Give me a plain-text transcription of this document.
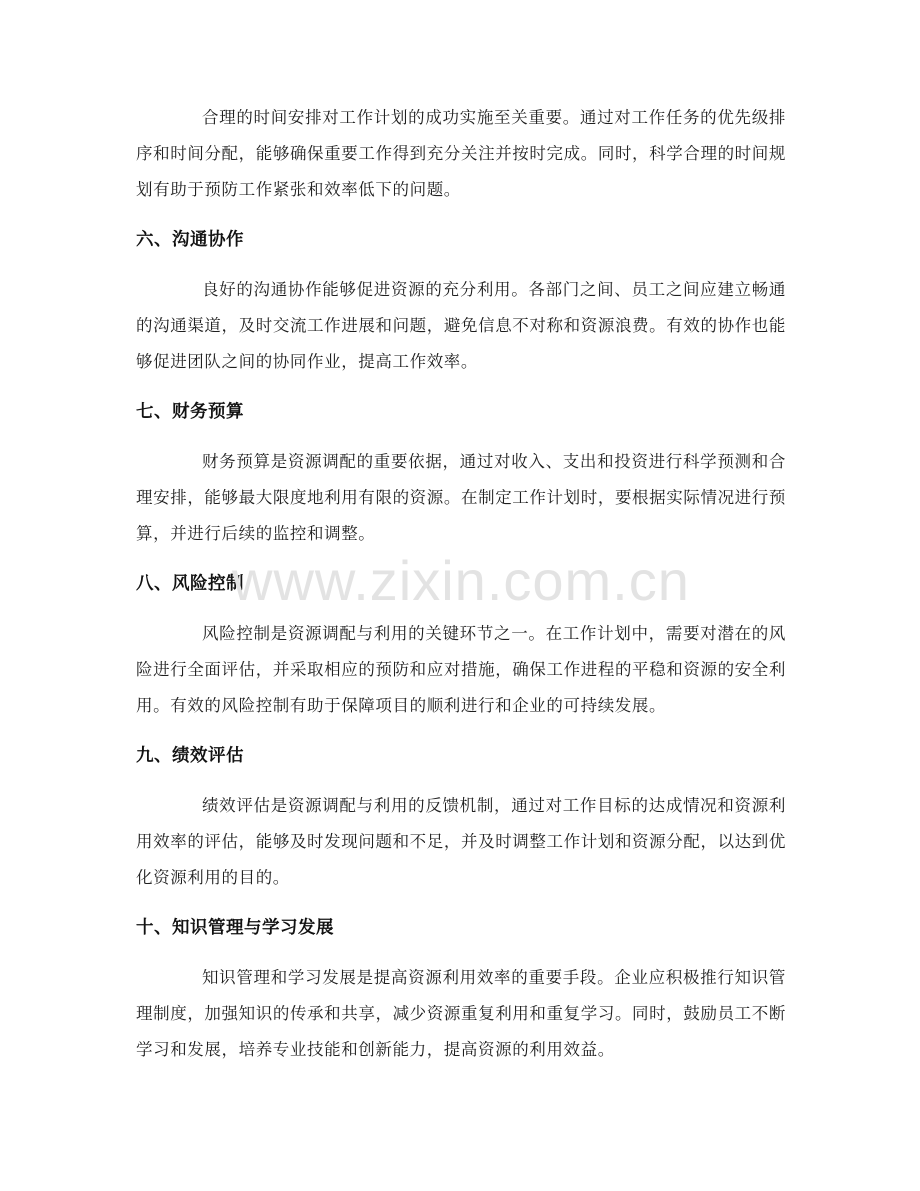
合理的时间安排对工作计划的成功实施至关重要。通过对工作任务的优先级排序和时间分配，能够确保重要工作得到充分关注并按时完成。同时，科学合理的时间规划有助于预防工作紧张和效率低下的问题。

六、沟通协作

良好的沟通协作能够促进资源的充分利用。各部门之间、员工之间应建立畅通的沟通渠道，及时交流工作进展和问题，避免信息不对称和资源浪费。有效的协作也能够促进团队之间的协同作业，提高工作效率。

七、财务预算

财务预算是资源调配的重要依据，通过对收入、支出和投资进行科学预测和合理安排，能够最大限度地利用有限的资源。在制定工作计划时，要根据实际情况进行预算，并进行后续的监控和调整。

八、风险控制

风险控制是资源调配与利用的关键环节之一。在工作计划中，需要对潜在的风险进行全面评估，并采取相应的预防和应对措施，确保工作进程的平稳和资源的安全利用。有效的风险控制有助于保障项目的顺利进行和企业的可持续发展。

九、绩效评估

绩效评估是资源调配与利用的反馈机制，通过对工作目标的达成情况和资源利用效率的评估，能够及时发现问题和不足，并及时调整工作计划和资源分配，以达到优化资源利用的目的。

十、知识管理与学习发展

知识管理和学习发展是提高资源利用效率的重要手段。企业应积极推行知识管理制度，加强知识的传承和共享，减少资源重复利用和重复学习。同时，鼓励员工不断学习和发展，培养专业技能和创新能力，提高资源的利用效益。

www.zixin.com.cn
